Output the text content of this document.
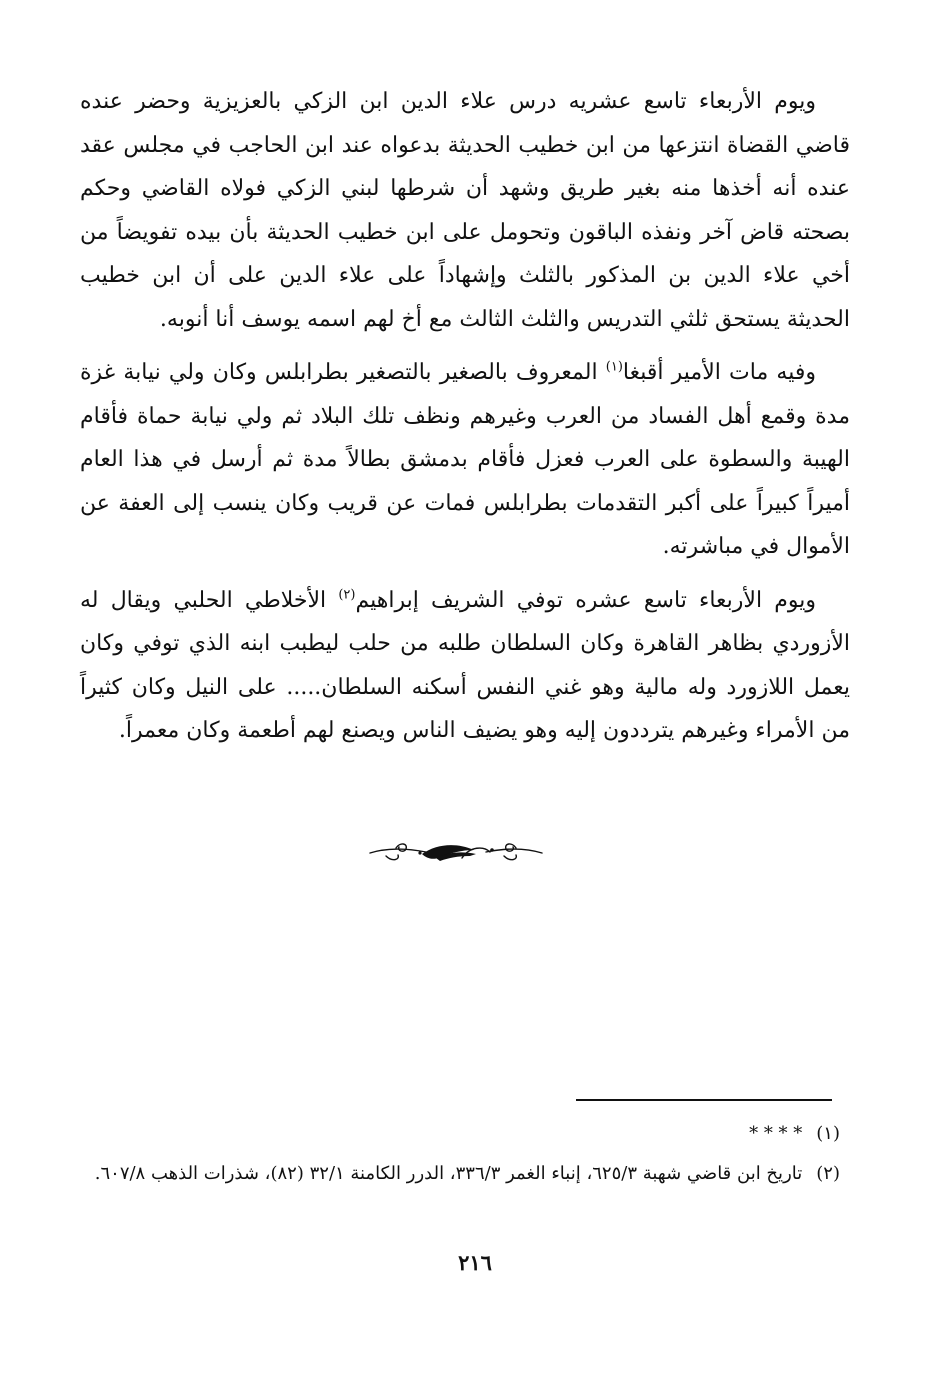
ويوم الأربعاء تاسع عشريه درس علاء الدين ابن الزكي بالعزيزية وحضر عنده قاضي القضاة انتزعها من ابن خطيب الحديثة بدعواه عند ابن الحاجب في مجلس عقد عنده أنه أخذها منه بغير طريق وشهد أن شرطها لبني الزكي فولاه القاضي وحكم بصحته قاض آخر ونفذه الباقون وتحومل على ابن خطيب الحديثة بأن بيده تفويضاً من أخي علاء الدين بن المذكور بالثلث وإشهاداً على علاء الدين على أن ابن خطيب الحديثة يستحق ثلثي التدريس والثلث الثالث مع أخ لهم اسمه يوسف أنا أنوبه.

وفيه مات الأمير أقبغا$^{(١)}$ المعروف بالصغير بالتصغير بطرابلس وكان ولي نيابة غزة مدة وقمع أهل الفساد من العرب وغيرهم ونظف تلك البلاد ثم ولي نيابة حماة فأقام الهيبة والسطوة على العرب فعزل فأقام بدمشق بطالاً مدة ثم أرسل في هذا العام أميراً كبيراً على أكبر التقدمات بطرابلس فمات عن قريب وكان ينسب إلى العفة عن الأموال في مباشرته.

ويوم الأربعاء تاسع عشره توفي الشريف إبراهيم$^{(٢)}$ الأخلاطي الحلبي ويقال له الأزوردي بظاهر القاهرة وكان السلطان طلبه من حلب ليطبب ابنه الذي توفي وكان يعمل اللازورد وله مالية وهو غني النفس أسكنه السلطان..... على النيل وكان كثيراً من الأمراء وغيرهم يترددون إليه وهو يضيف الناس ويصنع لهم أطعمة وكان معمراً.

(١)
* * * *
(٢)
تاريخ ابن قاضي شهبة ٦٢٥/٣، إنباء الغمر ٣٣٦/٣، الدرر الكامنة ٣٢/١ (٨٢)، شذرات الذهب ٦٠٧/٨.
٢١٦
